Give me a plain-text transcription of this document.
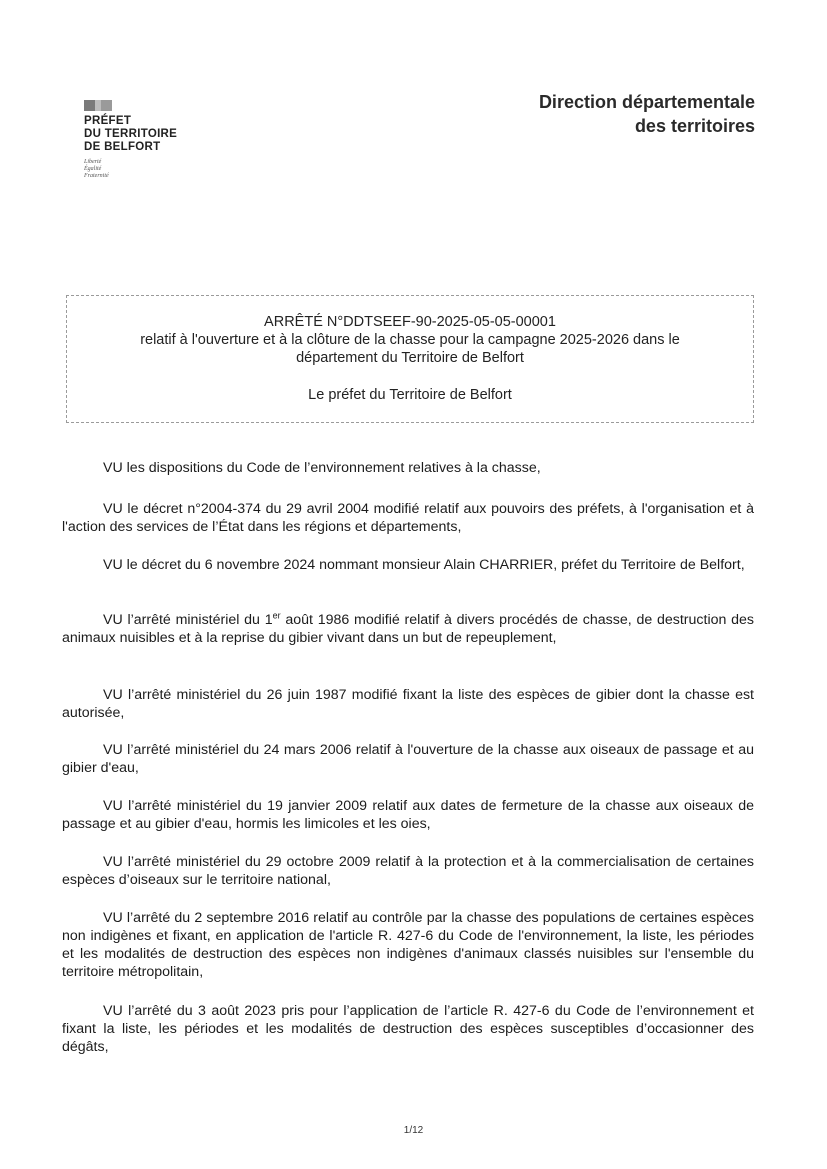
PRÉFET
DU TERRITOIRE
DE BELFORT
Liberté
Égalité
Fraternité
Direction départementale
des territoires
ARRÊTÉ N°DDTSEEF-90-2025-05-05-00001
relatif à l'ouverture et à la clôture de la chasse pour la campagne 2025-2026 dans le
département du Territoire de Belfort
Le préfet du Territoire de Belfort
VU les dispositions du Code de l’environnement relatives à la chasse,
VU le décret n°2004-374 du 29 avril 2004 modifié relatif aux pouvoirs des préfets, à l'organisation et à l'action des services de l’État dans les régions et départements,
VU le décret du 6 novembre 2024 nommant monsieur Alain CHARRIER, préfet du Territoire de Belfort,
VU l’arrêté ministériel du 1er août 1986 modifié relatif à divers procédés de chasse, de destruction des animaux nuisibles et à la reprise du gibier vivant dans un but de repeuplement,
VU l’arrêté ministériel du 26 juin 1987 modifié fixant la liste des espèces de gibier dont la chasse est autorisée,
VU l’arrêté ministériel du 24 mars 2006 relatif à l'ouverture de la chasse aux oiseaux de passage et au gibier d'eau,
VU l’arrêté ministériel du 19 janvier 2009 relatif aux dates de fermeture de la chasse aux oiseaux de passage et au gibier d'eau, hormis les limicoles et les oies,
VU l’arrêté ministériel du 29 octobre 2009 relatif à la protection et à la commercialisation de certaines espèces d’oiseaux sur le territoire national,
VU l’arrêté du 2 septembre 2016 relatif au contrôle par la chasse des populations de certaines espèces non indigènes et fixant, en application de l'article R. 427-6 du Code de l'environnement, la liste, les périodes et les modalités de destruction des espèces non indigènes d'animaux classés nuisibles sur l'ensemble du territoire métropolitain,
VU l’arrêté du 3 août 2023 pris pour l’application de l’article R. 427-6 du Code de l’environnement et fixant la liste, les périodes et les modalités de destruction des espèces susceptibles d’occasionner des dégâts,
1/12
